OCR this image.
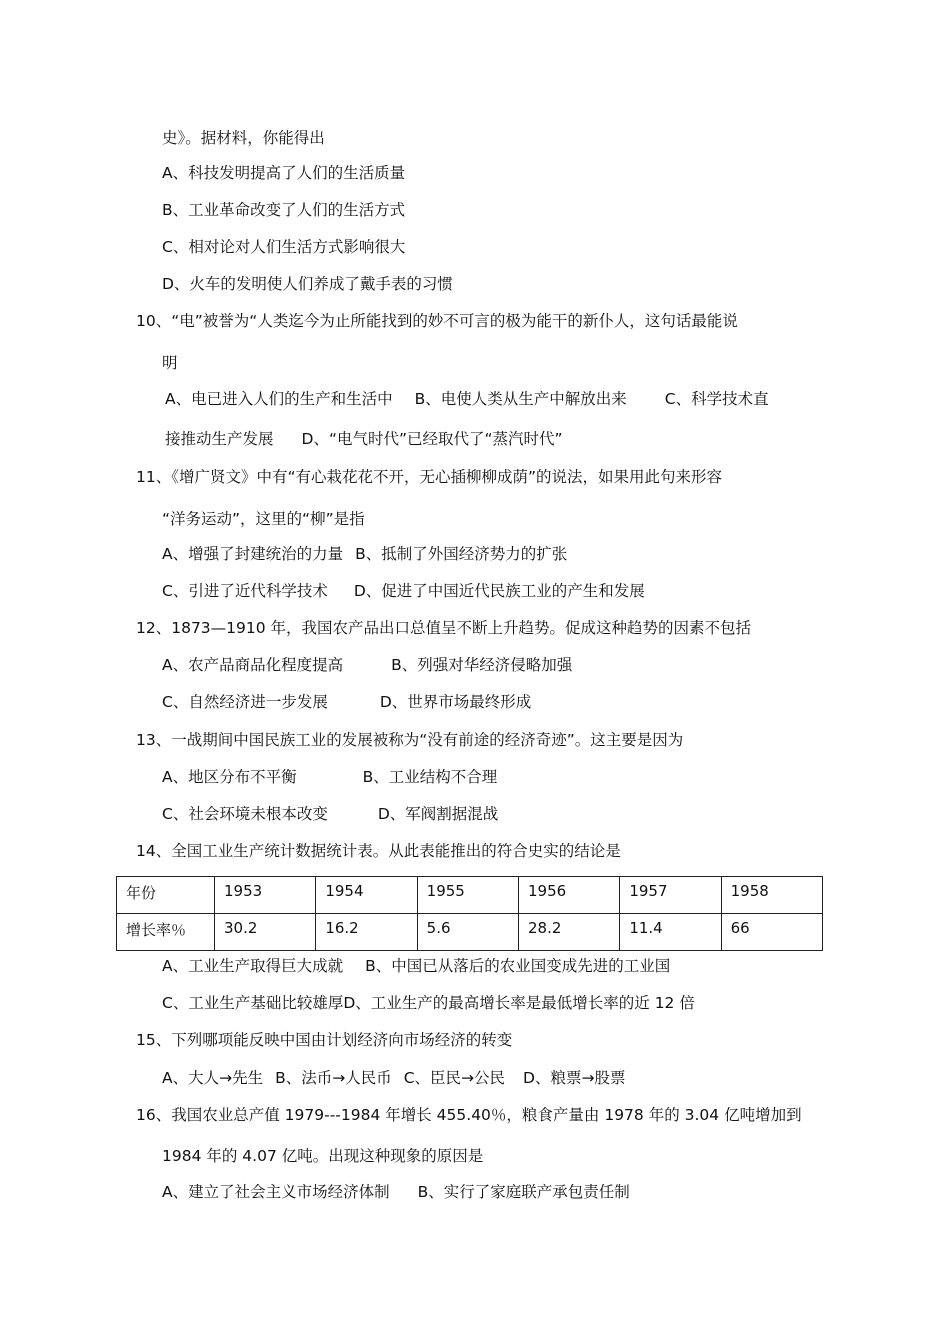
史》。据材料，你能得出
A、科技发明提高了人们的生活质量
B、工业革命改变了人们的生活方式
C、相对论对人们生活方式影响很大
D、火车的发明使人们养成了戴手表的习惯
10、“电”被誉为“人类迄今为止所能找到的妙不可言的极为能干的新仆人，这句话最能说
明
A、电已进入人们的生产和生活中 B、电使人类从生产中解放出来 C、科学技术直
接推动生产发展 D、“电气时代”已经取代了“蒸汽时代”
11、《增广贤文》中有“有心栽花花不开，无心插柳柳成荫”的说法，如果用此句来形容
“洋务运动”，这里的“柳”是指
A、增强了封建统治的力量 B、抵制了外国经济势力的扩张
C、引进了近代科学技术 D、促进了中国近代民族工业的产生和发展
12、1873—1910 年，我国农产品出口总值呈不断上升趋势。促成这种趋势的因素不包括
A、农产品商品化程度提高	B、列强对华经济侵略加强
C、自然经济进一步发展	D、世界市场最终形成
13、一战期间中国民族工业的发展被称为“没有前途的经济奇迹”。这主要是因为
A、地区分布不平衡	B、工业结构不合理
C、社会环境未根本改变	D、军阀割据混战
14、全国工业生产统计数据统计表。从此表能推出的符合史实的结论是
年份	1953	1954	1955	1956	1957	1958
增长率％	30.2	16.2	5.6	28.2	11.4	66
A、工业生产取得巨大成就 B、中国已从落后的农业国变成先进的工业国
C、工业生产基础比较雄厚D、工业生产的最高增长率是最低增长率的近 12 倍
15、下列哪项能反映中国由计划经济向市场经济的转变
A、大人→先生 B、法币→人民币 C、臣民→公民 D、粮票→股票
16、我国农业总产值 1979---1984 年增长 455.40％，粮食产量由 1978 年的 3.04 亿吨增加到
1984 年的 4.07 亿吨。出现这种现象的原因是
A、建立了社会主义市场经济体制 B、实行了家庭联产承包责任制
